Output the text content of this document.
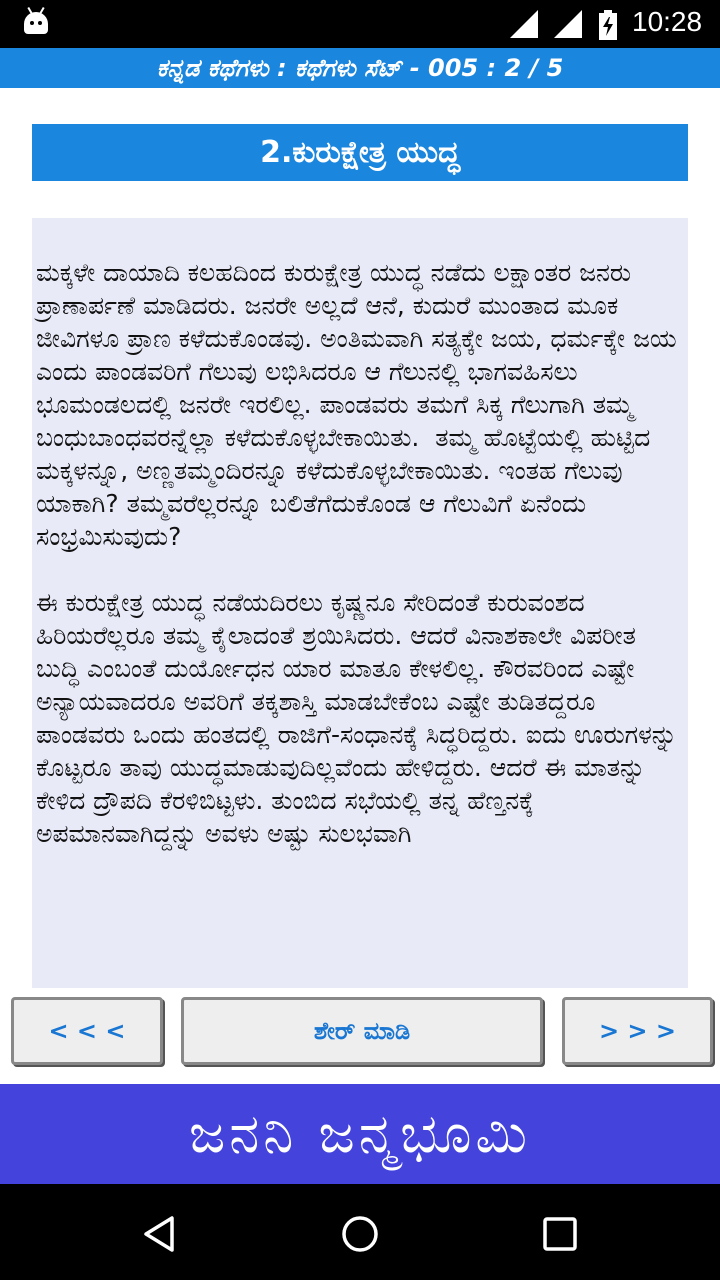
10:28
ಕನ್ನಡ ಕಥೆಗಳು : ಕಥೆಗಳು ಸೆಟ್ - 005 : 2 / 5
2.ಕುರುಕ್ಷೇತ್ರ ಯುದ್ಧ
ಮಕ್ಕಳೇ ದಾಯಾದಿ ಕಲಹದಿಂದ ಕುರುಕ್ಷೇತ್ರ ಯುದ್ಧ ನಡೆದು ಲಕ್ಷಾಂತರ ಜನರು ಪ್ರಾಣಾರ್ಪಣೆ ಮಾಡಿದರು. ಜನರೇ ಅಲ್ಲದೆ ಆನೆ, ಕುದುರೆ ಮುಂತಾದ ಮೂಕ ಜೀವಿಗಳೂ ಪ್ರಾಣ ಕಳೆದುಕೊಂಡವು. ಅಂತಿಮವಾಗಿ ಸತ್ಯಕ್ಕೇ ಜಯ, ಧರ್ಮಕ್ಕೇ ಜಯ ಎಂದು ಪಾಂಡವರಿಗೆ ಗೆಲುವು ಲಭಿಸಿದರೂ ಆ ಗೆಲುನಲ್ಲಿ ಭಾಗವಹಿಸಲು ಭೂಮಂಡಲದಲ್ಲಿ ಜನರೇ ಇರಲಿಲ್ಲ. ಪಾಂಡವರು ತಮಗೆ ಸಿಕ್ಕ ಗೆಲುಗಾಗಿ ತಮ್ಮ ಬಂಧುಬಾಂಧವರನ್ನೆಲ್ಲಾ ಕಳೆದುಕೊಳ್ಳಬೇಕಾಯಿತು.  ತಮ್ಮ ಹೊಟ್ಟೆಯಲ್ಲಿ ಹುಟ್ಟಿದ ಮಕ್ಕಳನ್ನೂ, ಅಣ್ಣತಮ್ಮಂದಿರನ್ನೂ ಕಳೆದುಕೊಳ್ಳಬೇಕಾಯಿತು. ಇಂತಹ ಗೆಲುವು ಯಾಕಾಗಿ? ತಮ್ಮವರೆಲ್ಲರನ್ನೂ ಬಲಿತೆಗೆದುಕೊಂಡ ಆ ಗೆಲುವಿಗೆ ಏನೆಂದು ಸಂಭ್ರಮಿಸುವುದು?

ಈ ಕುರುಕ್ಷೇತ್ರ ಯುದ್ಧ ನಡೆಯದಿರಲು ಕೃಷ್ಣನೂ ಸೇರಿದಂತೆ ಕುರುವಂಶದ ಹಿರಿಯರೆಲ್ಲರೂ ತಮ್ಮ ಕೈಲಾದಂತೆ ಶ್ರಯಿಸಿದರು. ಆದರೆ ವಿನಾಶಕಾಲೇ ವಿಪರೀತ ಬುದ್ಧಿ ಎಂಬಂತೆ ದುರ್ಯೋಧನ ಯಾರ ಮಾತೂ ಕೇಳಲಿಲ್ಲ. ಕೌರವರಿಂದ ಎಷ್ಟೇ ಅನ್ಯಾಯವಾದರೂ ಅವರಿಗೆ ತಕ್ಕಶಾಸ್ತಿ ಮಾಡಬೇಕೆಂಬ ಎಷ್ಟೇ ತುಡಿತದ್ದರೂ ಪಾಂಡವರು ಒಂದು ಹಂತದಲ್ಲಿ ರಾಜಿಗೆ-ಸಂಧಾನಕ್ಕೆ ಸಿದ್ಧರಿದ್ದರು. ಐದು ಊರುಗಳನ್ನು ಕೊಟ್ಟರೂ ತಾವು ಯುದ್ಧಮಾಡುವುದಿಲ್ಲವೆಂದು ಹೇಳಿದ್ದರು. ಆದರೆ ಈ ಮಾತನ್ನು ಕೇಳಿದ ದ್ರೌಪದಿ ಕೆರಳಿಬಿಟ್ಟಳು. ತುಂಬಿದ ಸಭೆಯಲ್ಲಿ ತನ್ನ ಹೆಣ್ತನಕ್ಕೆ ಅಪಮಾನವಾಗಿದ್ದನ್ನು ಅವಳು ಅಷ್ಟು ಸುಲಭವಾಗಿ
< < <	ಶೇರ್ ಮಾಡಿ	> > >
ಜನನಿ ಜನ್ಮಭೂಮಿ
